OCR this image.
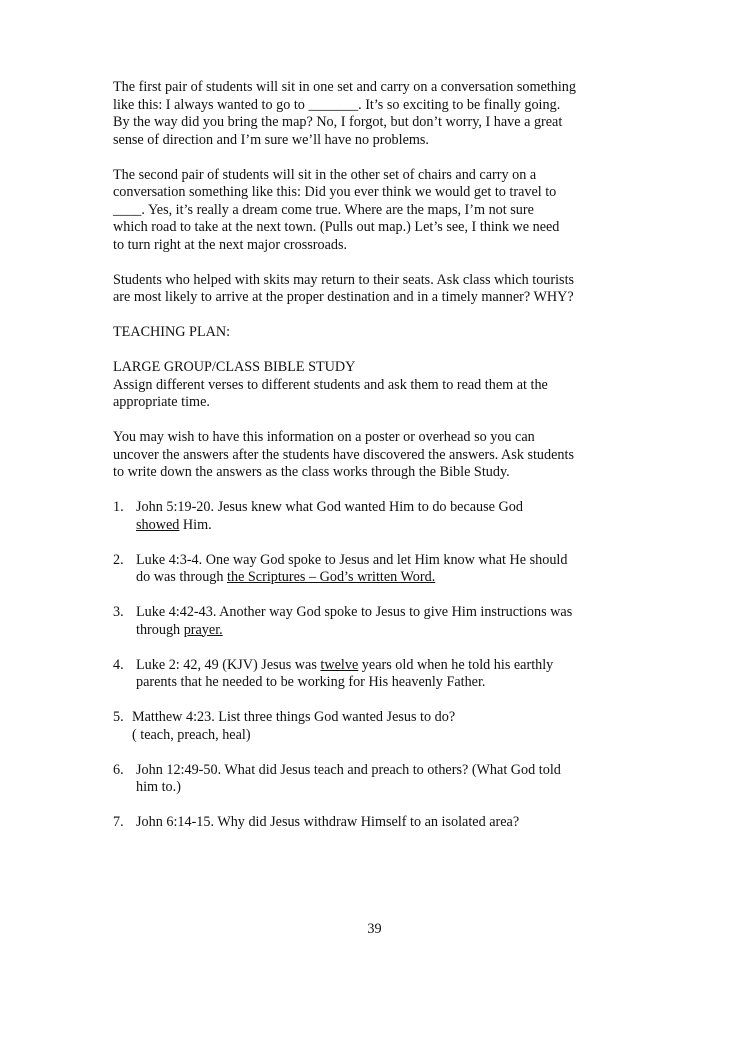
The first pair of students will sit in one set and carry on a conversation something
like this: I always wanted to go to _______. It’s so exciting to be finally going.
By the way did you bring the map? No, I forgot, but don’t worry, I have a great
sense of direction and I’m sure we’ll have no problems.

The second pair of students will sit in the other set of chairs and carry on a
conversation something like this: Did you ever think we would get to travel to
____. Yes, it’s really a dream come true. Where are the maps, I’m not sure
which road to take at the next town. (Pulls out map.) Let’s see, I think we need
to turn right at the next major crossroads.

Students who helped with skits may return to their seats. Ask class which tourists
are most likely to arrive at the proper destination and in a timely manner? WHY?

TEACHING PLAN:

LARGE GROUP/CLASS BIBLE STUDY

Assign different verses to different students and ask them to read them at the
appropriate time.

You may wish to have this information on a poster or overhead so you can
uncover the answers after the students have discovered the answers. Ask students
to write down the answers as the class works through the Bible Study.

1. John 5:19-20. Jesus knew what God wanted Him to do because God
showed Him.
2. Luke 4:3-4. One way God spoke to Jesus and let Him know what He should
do was through the Scriptures – God’s written Word.
3. Luke 4:42-43. Another way God spoke to Jesus to give Him instructions was
through prayer.
4. Luke 2: 42, 49 (KJV) Jesus was twelve years old when he told his earthly
parents that he needed to be working for His heavenly Father.
5. Matthew 4:23. List three things God wanted Jesus to do?
( teach, preach, heal)
6. John 12:49-50. What did Jesus teach and preach to others? (What God told
him to.)
7. John 6:14-15. Why did Jesus withdraw Himself to an isolated area?
39
